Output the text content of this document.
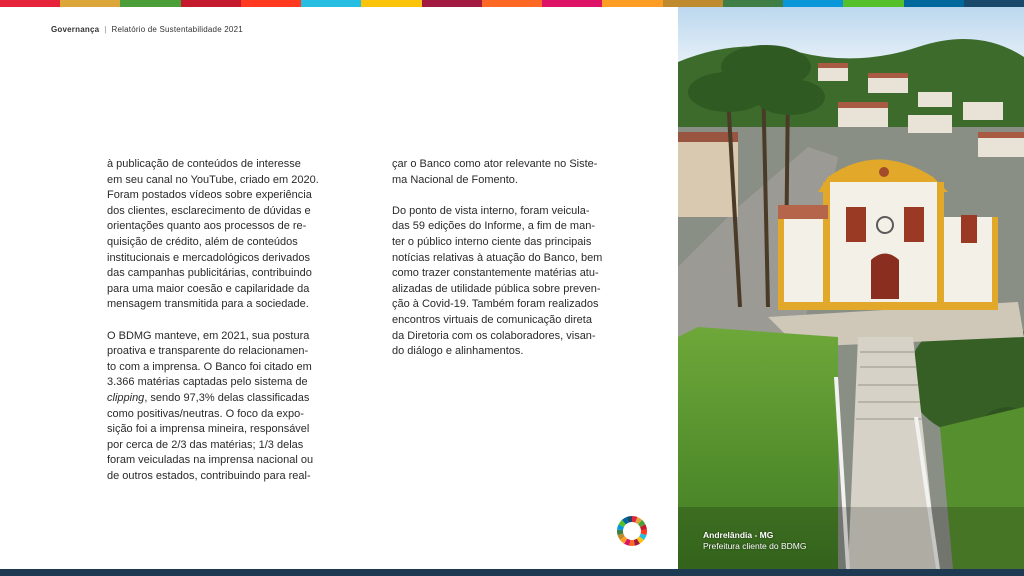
Governança | Relatório de Sustentabilidade 2021

à publicação de conteúdos de interesse
em seu canal no YouTube, criado em 2020.
Foram postados vídeos sobre experiência
dos clientes, esclarecimento de dúvidas e
orientações quanto aos processos de re-
quisição de crédito, além de conteúdos
institucionais e mercadológicos derivados
das campanhas publicitárias, contribuindo
para uma maior coesão e capilaridade da
mensagem transmitida para a sociedade.

O BDMG manteve, em 2021, sua postura
proativa e transparente do relacionamen-
to com a imprensa. O Banco foi citado em
3.366 matérias captadas pelo sistema de
clipping, sendo 97,3% delas classificadas
como positivas/neutras. O foco da expo-
sição foi a imprensa mineira, responsável
por cerca de 2/3 das matérias; 1/3 delas
foram veiculadas na imprensa nacional ou
de outros estados, contribuindo para real-

çar o Banco como ator relevante no Siste-
ma Nacional de Fomento.

Do ponto de vista interno, foram veicula-
das 59 edições do Informe, a fim de man-
ter o público interno ciente das principais
notícias relativas à atuação do Banco, bem
como trazer constantemente matérias atu-
alizadas de utilidade pública sobre preven-
ção à Covid-19. Também foram realizados
encontros virtuais de comunicação direta
da Diretoria com os colaboradores, visan-
do diálogo e alinhamentos.

Andrelândia - MG
Prefeitura cliente do BDMG
